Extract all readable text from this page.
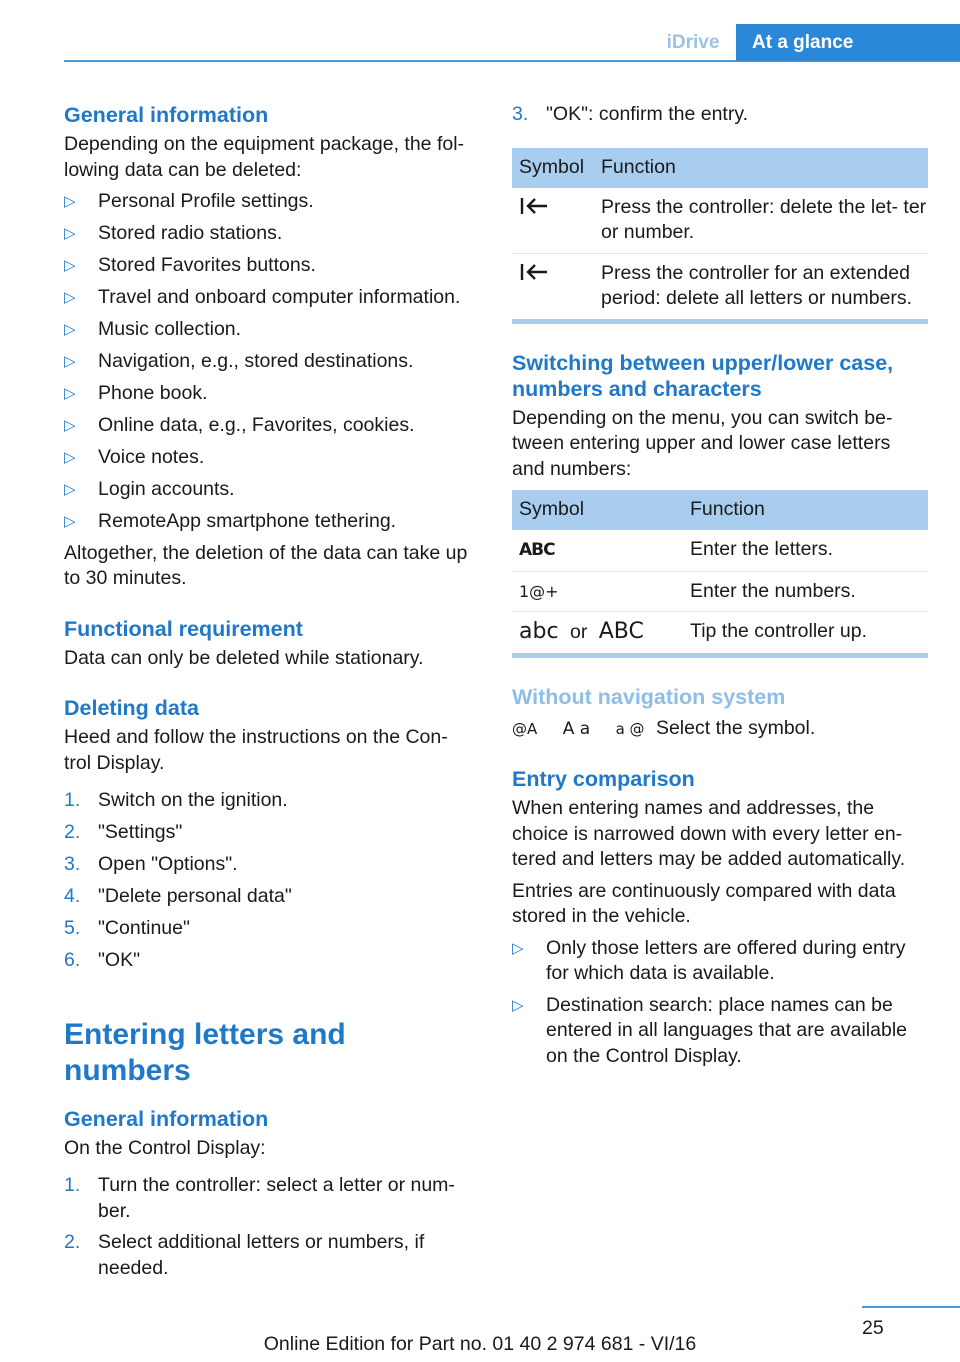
iDrive	At a glance
General information

Depending on the equipment package, the fol‐ lowing data can be deleted:

▷ Personal Profile settings.
▷ Stored radio stations.
▷ Stored Favorites buttons.
▷ Travel and onboard computer information.
▷ Music collection.
▷ Navigation, e.g., stored destinations.
▷ Phone book.
▷ Online data, e.g., Favorites, cookies.
▷ Voice notes.
▷ Login accounts.
▷ RemoteApp smartphone tethering.

Altogether, the deletion of the data can take up to 30 minutes.

Functional requirement

Data can only be deleted while stationary.

Deleting data

Heed and follow the instructions on the Con‐ trol Display.

1. Switch on the ignition.
2. "Settings"
3. Open "Options".
4. "Delete personal data"
5. "Continue"
6. "OK"
Entering letters and numbers
General information

On the Control Display:

1. Turn the controller: select a letter or num‐ ber.
2. Select additional letters or numbers, if needed.
3. "OK": confirm the entry.
Symbol	Function
	Press the controller: delete the let‐ ter or number.
	Press the controller for an extended period: delete all letters or numbers.
Switching between upper/lower case, numbers and characters

Depending on the menu, you can switch be‐ tween entering upper and lower case letters and numbers:

Symbol	Function
ABC	Enter the letters.
1@+	Enter the numbers.
abc or ABC	Tip the controller up.
Without navigation system

@A A a a @ Select the symbol.

Entry comparison

When entering names and addresses, the choice is narrowed down with every letter en‐ tered and letters may be added automatically.

Entries are continuously compared with data stored in the vehicle.

▷ Only those letters are offered during entry for which data is available.
▷ Destination search: place names can be entered in all languages that are available on the Control Display.
25
Online Edition for Part no. 01 40 2 974 681 - VI/16
